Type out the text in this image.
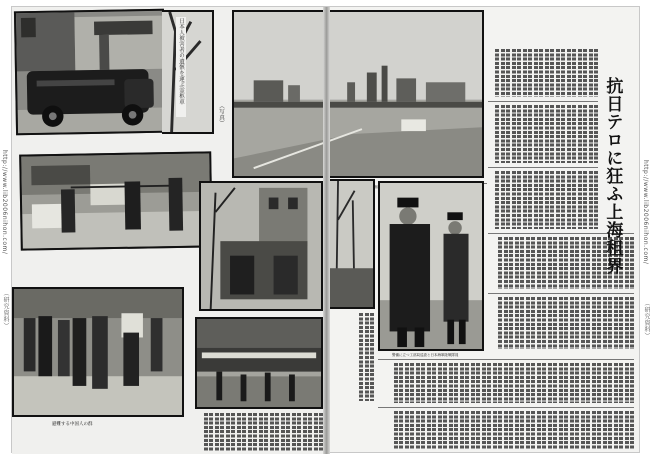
日本人被害者の遺骸を運ぶ霊柩車
（写真）
避難する中国人の群
警備に立つ工部局巡査と日本海軍陸戦隊員
抗日テロに狂ふ上海租界
http://www.lib2006nihon.com/
（研究資料）
http://www.lib2006nihon.com/
（研究資料）
